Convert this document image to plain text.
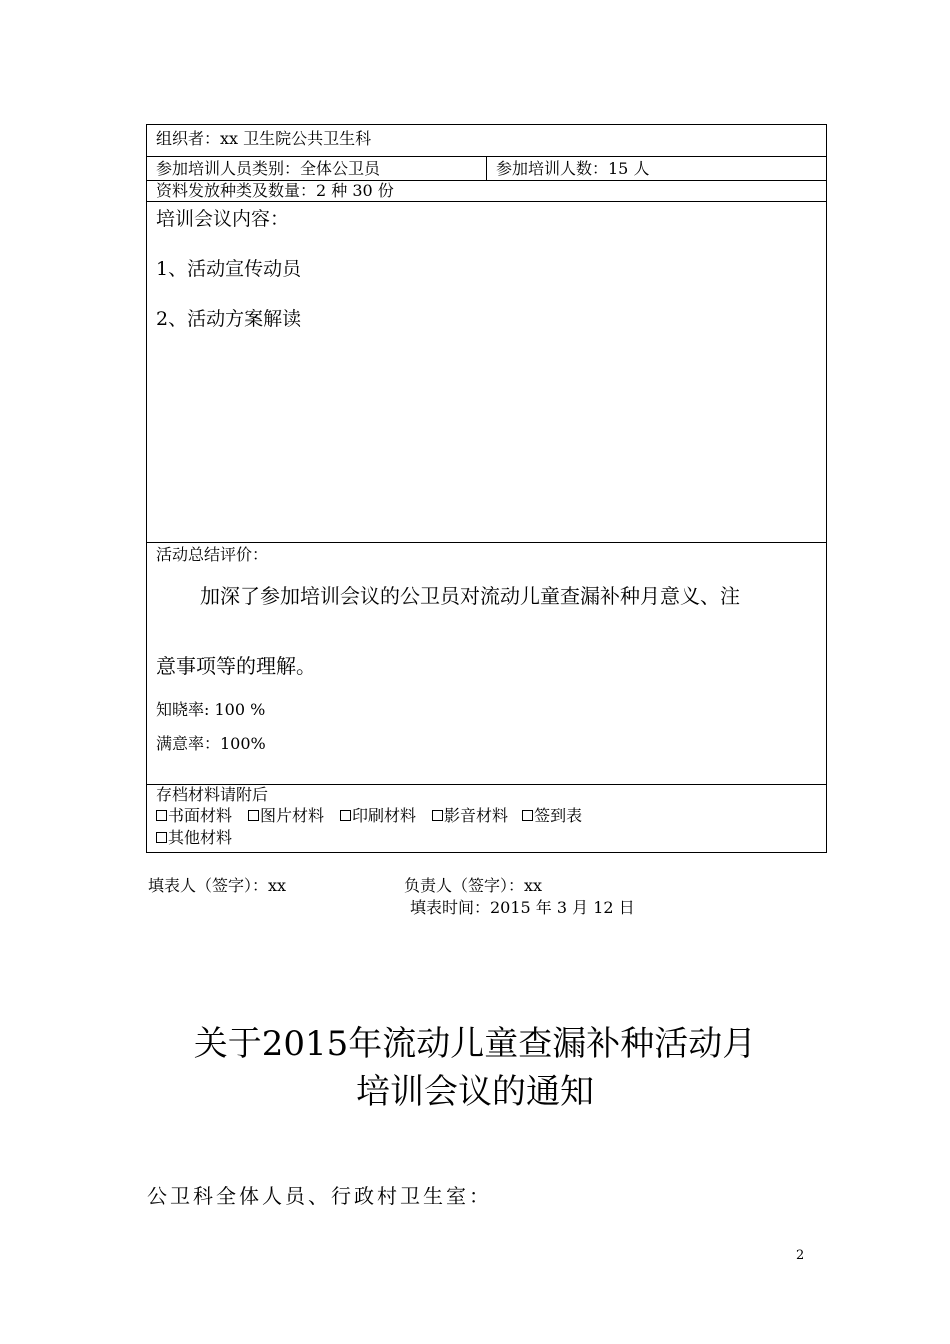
组织者：xx 卫生院公共卫生科
参加培训人员类别：全体公卫员	参加培训人数：15 人
资料发放种类及数量：2 种 30 份

培训会议内容：
1、活动宣传动员
2、活动方案解读

活动总结评价：
加深了参加培训会议的公卫员对流动儿童查漏补种月意义、注
意事项等的理解。
知晓率: 100 %
满意率：100%

存档材料请附后
书面材料 图片材料 印刷材料 影音材料 签到表
其他材料
填表人（签字）：xx	负责人（签字）：xx
填表时间：2015 年 3 月 12 日
关于2015年流动儿童查漏补种活动月
培训会议的通知
公卫科全体人员、行政村卫生室：
2
